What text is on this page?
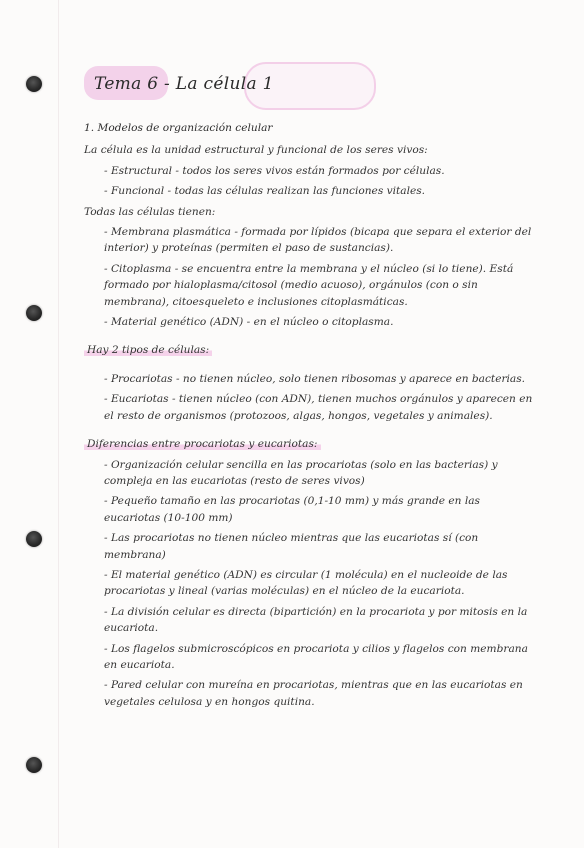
Tema 6 - La célula 1
1. Modelos de organización celular
La célula es la unidad estructural y funcional de los seres vivos:
- Estructural - todos los seres vivos están formados por células.
- Funcional - todas las células realizan las funciones vitales.
Todas las células tienen:
- Membrana plasmática - formada por lípidos (bicapa que separa el exterior del interior) y proteínas (permiten el paso de sustancias).
- Citoplasma - se encuentra entre la membrana y el núcleo (si lo tiene). Está formado por hialoplasma/citosol (medio acuoso), orgánulos (con o sin membrana), citoesqueleto e inclusiones citoplasmáticas.
- Material genético (ADN) - en el núcleo o citoplasma.
Hay 2 tipos de células:
- Procariotas - no tienen núcleo, solo tienen ribosomas y aparece en bacterias.
- Eucariotas - tienen núcleo (con ADN), tienen muchos orgánulos y aparecen en el resto de organismos (protozoos, algas, hongos, vegetales y animales).
Diferencias entre procariotas y eucariotas:
- Organización celular sencilla en las procariotas (solo en las bacterias) y compleja en las eucariotas (resto de seres vivos)
- Pequeño tamaño en las procariotas (0,1-10 mm) y más grande en las eucariotas (10-100 mm)
- Las procariotas no tienen núcleo mientras que las eucariotas sí (con membrana)
- El material genético (ADN) es circular (1 molécula) en el nucleoide de las procariotas y lineal (varias moléculas) en el núcleo de la eucariota.
- La división celular es directa (bipartición) en la procariota y por mitosis en la eucariota.
- Los flagelos submicroscópicos en procariota y cilios y flagelos con membrana en eucariota.
- Pared celular con mureína en procariotas, mientras que en las eucariotas en vegetales celulosa y en hongos quitina.
